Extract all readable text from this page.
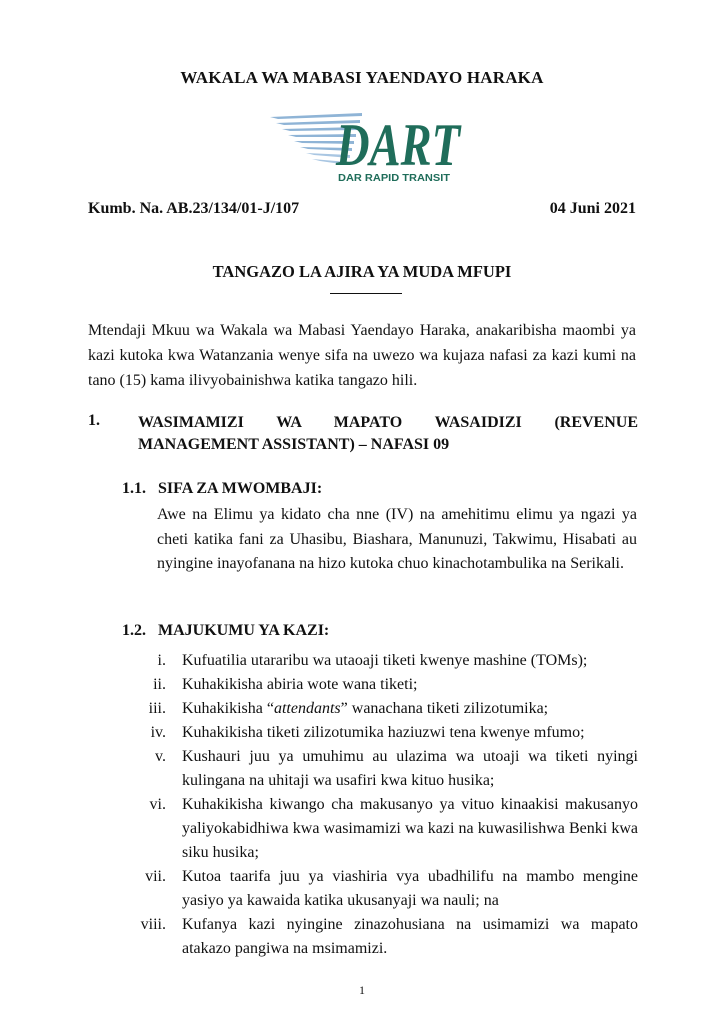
WAKALA WA MABASI YAENDAYO HARAKA
DART
DAR RAPID TRANSIT
Kumb. Na. AB.23/134/01-J/107	04 Juni 2021
TANGAZO LA AJIRA YA MUDA MFUPI

Mtendaji Mkuu wa Wakala wa Mabasi Yaendayo Haraka, anakaribisha maombi ya kazi kutoka kwa Watanzania wenye sifa na uwezo wa kujaza nafasi za kazi kumi na tano (15) kama ilivyobainishwa katika tangazo hili.

1. WASIMAMIZI WA MAPATO WASAIDIZI (REVENUE MANAGEMENT ASSISTANT) – NAFASI 09
1.1. SIFA ZA MWOMBAJI:

Awe na Elimu ya kidato cha nne (IV) na amehitimu elimu ya ngazi ya cheti katika fani za Uhasibu, Biashara, Manunuzi, Takwimu, Hisabati au nyingine inayofanana na hizo kutoka chuo kinachotambulika na Serikali.

1.2. MAJUKUMU YA KAZI:
i.	Kufuatilia utararibu wa utaoaji tiketi kwenye mashine (TOMs);
ii.	Kuhakikisha abiria wote wana tiketi;
iii.	Kuhakikisha “attendants” wanachana tiketi zilizotumika;
iv.	Kuhakikisha tiketi zilizotumika haziuzwi tena kwenye mfumo;
v.	Kushauri juu ya umuhimu au ulazima wa utoaji wa tiketi nyingi kulingana na uhitaji wa usafiri kwa kituo husika;
vi.	Kuhakikisha kiwango cha makusanyo ya vituo kinaakisi makusanyo yaliyokabidhiwa kwa wasimamizi wa kazi na kuwasilishwa Benki kwa siku husika;
vii.	Kutoa taarifa juu ya viashiria vya ubadhilifu na mambo mengine yasiyo ya kawaida katika ukusanyaji wa nauli; na
viii.	Kufanya kazi nyingine zinazohusiana na usimamizi wa mapato atakazo pangiwa na msimamizi.
1
